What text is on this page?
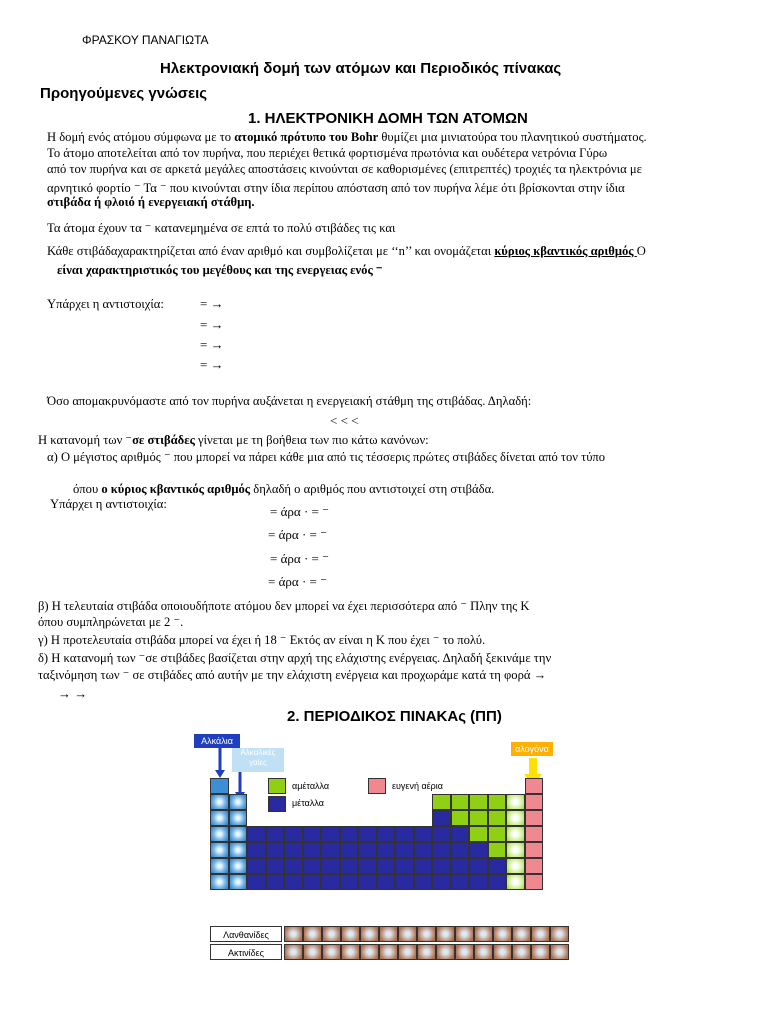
ΦΡΑΣΚΟΥ ΠΑΝΑΓΙΩΤΑ
Ηλεκτρονιακή δομή των ατόμων και Περιοδικός πίνακας
Προηγούμενες γνώσεις
1. ΗΛΕΚΤΡΟΝΙΚΗ ΔΟΜΗ ΤΩΝ ΑΤΟΜΩΝ
Η δομή ενός ατόμου σύμφωνα με το ατομικό πρότυπο του Bohr θυμίζει μια μινιατούρα του πλανητικού συστήματος.
Το άτομο αποτελείται από τον πυρήνα, που περιέχει θετικά φορτισμένα πρωτόνια και ουδέτερα νετρόνια Γύρω
από τον πυρήνα και σε αρκετά μεγάλες αποστάσεις κινούνται σε καθορισμένες (επιτρεπτές) τροχιές τα ηλεκτρόνια με
αρνητικό φορτίο ⁻ Τα ⁻ που κινούνται στην ίδια περίπου απόσταση από τον πυρήνα λέμε ότι βρίσκονται στην ίδια
στιβάδα ή φλοιό ή ενεργειακή στάθμη.
Τα άτομα έχουν τα ⁻ κατανεμημένα σε επτά το πολύ στιβάδες τις και
Κάθε στιβάδαχαρακτηρίζεται από έναν αριθμό και συμβολίζεται με ‘‘n’’ και ονομάζεται κύριος κβαντικός αριθμός Ο
είναι χαρακτηριστικός του μεγέθους και της ενεργειας ενός ⁻
Υπάρχει η αντιστοιχία:	= →
= →
= →
= →
Όσο απομακρυνόμαστε από τον πυρήνα αυξάνεται η ενεργειακή στάθμη της στιβάδας. Δηλαδή:
< < <
Η κατανομή των ⁻σε στιβάδες γίνεται με τη βοήθεια των πιο κάτω κανόνων:
α) Ο μέγιστος αριθμός ⁻ που μπορεί να πάρει κάθε μια από τις τέσσερις πρώτες στιβάδες δίνεται από τον τύπο
όπου ο κύριος κβαντικός αριθμός δηλαδή ο αριθμός που αντιστοιχεί στη στιβάδα.
Υπάρχει η αντιστοιχία:	= άρα · = ⁻
= άρα · = ⁻
= άρα · = ⁻
= άρα · = ⁻
β) Η τελευταία στιβάδα οποιουδήποτε ατόμου δεν μπορεί να έχει περισσότερα από ⁻ Πλην της Κ
όπου συμπληρώνεται με 2 ⁻.
γ) Η προτελευταία στιβάδα μπορεί να έχει ή 18 ⁻ Εκτός αν είναι η Κ που έχει ⁻ το πολύ.
δ) Η κατανομή των ⁻σε στιβάδες βασίζεται στην αρχή της ελάχιστης ενέργειας. Δηλαδή ξεκινάμε την
ταξινόμηση των ⁻ σε στιβάδες από αυτήν με την ελάχιστη ενέργεια και προχωράμε κατά τη φορά →
→ →
2. ΠΕΡΙΟΔΙΚΟΣ ΠΙΝΑΚΑς (ΠΠ)
Αλκάλια
Αλκαλικές γαίες
αλογόνα
αμέταλλα	ευγενή αέρια
μέταλλα
Λανθανίδες
Ακτινίδες
